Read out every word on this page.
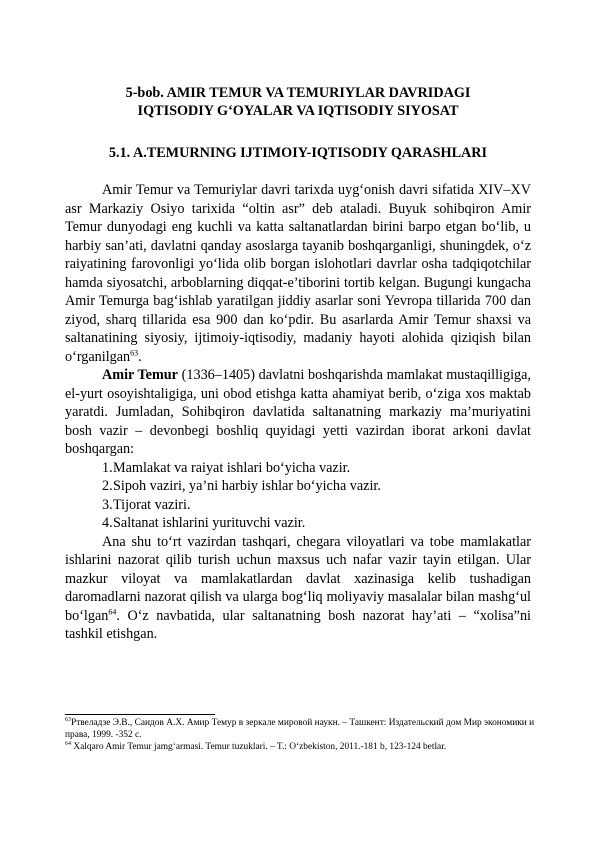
5-bob. AMIR TEMUR VA TEMURIYLAR DAVRIDAGI
IQTISODIY G‘OYALAR VA IQTISODIY SIYOSAT
5.1. A.TEMURNING IJTIMOIY-IQTISODIY QARASHLARI

Amir Temur va Temuriylar davri tarixda uyg‘onish davri sifatida XIV–XV asr Markaziy Osiyo tarixida “oltin asr” deb ataladi. Buyuk sohibqiron Amir Temur dunyodagi eng kuchli va katta saltanatlardan birini barpo etgan bo‘lib, u harbiy san’ati, davlatni qanday asoslarga tayanib boshqarganligi, shuningdek, o‘z raiyatining farovonligi yo‘lida olib borgan islohotlari davrlar osha tadqiqotchilar hamda siyosatchi, arboblarning diqqat-e’tiborini tortib kelgan. Bugungi kungacha Amir Temurga bag‘ishlab yaratilgan jiddiy asarlar soni Yevropa tillarida 700 dan ziyod, sharq tillarida esa 900 dan ko‘pdir. Bu asarlarda Amir Temur shaxsi va saltanatining siyosiy, ijtimoiy-iqtisodiy, madaniy hayoti alohida qiziqish bilan o‘rganilgan$^{63}$.

Amir Temur (1336–1405) davlatni boshqarishda mamlakat mustaqilligiga, el-yurt osoyishtaligiga, uni obod etishga katta ahamiyat berib, o‘ziga xos maktab yaratdi. Jumladan, Sohibqiron davlatida saltanatning markaziy ma’muriyatini bosh vazir – devonbegi boshliq quyidagi yetti vazirdan iborat arkoni davlat boshqargan:

1.Mamlakat va raiyat ishlari bo‘yicha vazir.

2.Sipoh vaziri, ya’ni harbiy ishlar bo‘yicha vazir.

3.Tijorat vaziri.

4.Saltanat ishlarini yurituvchi vazir.

Ana shu to‘rt vazirdan tashqari, chegara viloyatlari va tobe mamlakatlar ishlarini nazorat qilib turish uchun maxsus uch nafar vazir tayin etilgan. Ular mazkur viloyat va mamlakatlardan davlat xazinasiga kelib tushadigan daromadlarni nazorat qilish va ularga bog‘liq moliyaviy masalalar bilan mashg‘ul bo‘lgan$^{64}$. O‘z navbatida, ular saltanatning bosh nazorat hay’ati – “xolisa”ni tashkil etishgan.

$^{63}$Ртвеладзе Э.В., Саидов А.Х. Амир Темур в зеркале мировой наукн. – Ташкент: Издательский дом Мир экономики и права, 1999. -352 с.

$^{64}$ Xalqaro Amir Temur jamg‘armasi. Temur tuzuklari. – T.: O‘zbekiston, 2011.-181 b, 123-124 betlar.
